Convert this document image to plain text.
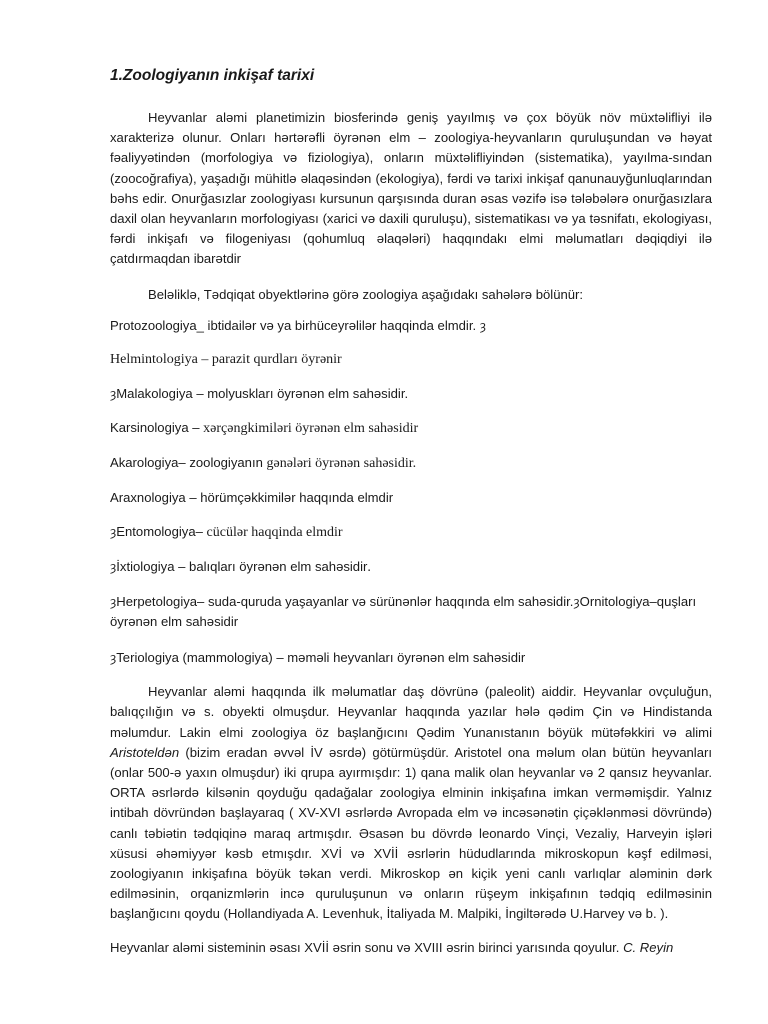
1.Zoologiyanın inkişaf tarixi

Heyvanlar aləmi planetimizin biosferində geniş yayılmış və çox böyük növ müxtəlifliyi ilə xarakterizə olunur. Onları hərtərəfli öyrənən elm – zoologiya-heyvanların quruluşundan və həyat fəaliyyətindən (morfologiya və fiziologiya), onların müxtəlifliyindən (sistematika), yayılma-sından (zoocoğrafiya), yaşadığı mühitlə əlaqəsindən (ekologiya), fərdi və tarixi inkişaf qanunauyğunluqlarından bəhs edir. Onurğasızlar zoologiyası kursunun qarşısında duran əsas vəzifə isə tələbələrə onurğasızlara daxil olan heyvanların morfologiyası (xarici və daxili quruluşu), sistematikası və ya təsnifatı, ekologiyası, fərdi inkişafı və filogeniyası (qohumluq əlaqələri) haqqındakı elmi məlumatları dəqiqdiyi ilə çatdırmaqdan ibarətdir

Beləliklə, Tədqiqat obyektlərinə görə zoologiya aşağıdakı sahələrə bölünür:

Protozoologiya_ ibtidailər və ya birhüceyrəlilər haqqinda elmdir. ȝ

Helmintologiya – parazit qurdları öyrənir

ȝMalakologiya – molyuskları öyrənən elm sahəsidir.

Karsinologiya – xərçəngkimiləri öyrənən elm sahəsidir

Akarologiya– zoologiyanın gənələri öyrənən sahəsidir.

Araxnologiya – hörümçəkkimilər haqqında elmdir

ȝEntomologiya– cücülər haqqinda elmdir

ȝİxtiologiya – balıqları öyrənən elm sahəsidir.

ȝHerpetologiya– suda-quruda yaşayanlar və sürünənlər haqqında elm sahəsidir.ȝOrnitologiya–quşları öyrənən elm sahəsidir

ȝTeriologiya (mammologiya) – məməli heyvanları öyrənən elm sahəsidir

Heyvanlar aləmi haqqında ilk məlumatlar daş dövrünə (paleolit) aiddir. Heyvanlar ovçuluğun, balıqçılığın və s. obyekti olmuşdur. Heyvanlar haqqında yazılar hələ qədim Çin və Hindistanda məlumdur. Lakin elmi zoologiya öz başlanğıcını Qədim Yunanıstanın böyük mütəfəkkiri və alimi Aristoteldən (bizim eradan əvvəl İV əsrdə) götürmüşdür. Aristotel ona məlum olan bütün heyvanları (onlar 500-ə yaxın olmuşdur) iki qrupa ayırmışdır: 1) qana malik olan heyvanlar və 2 qansız heyvanlar. ORTA əsrlərdə kilsənin qoyduğu qadağalar zoologiya elminin inkişafına imkan verməmişdir. Yalnız intibah dövründən başlayaraq ( XV-XVI əsrlərdə Avropada elm və incəsənətin çiçəklənməsi dövründə) canlı təbiətin tədqiqinə maraq artmışdır. Əsasən bu dövrdə leonardo Vinçi, Vezaliy, Harveyin işləri xüsusi əhəmiyyər kəsb etmışdır. XVİ və XVİİ əsrlərin hüdudlarında mikroskopun kəşf edilməsi, zoologiyanın inkişafına böyük təkan verdi. Mikroskop ən kiçik yeni canlı varlıqlar aləminin dərk edilməsinin, orqanizmlərin incə quruluşunun və onların rüşeym inkişafının tədqiq edilməsinin başlanğıcını qoydu (Hollandiyada A. Levenhuk, İtaliyada M. Malpiki, İngiltərədə U.Harvey və b. ).

Heyvanlar aləmi sisteminin əsası XVİİ əsrin sonu və XVIII əsrin birinci yarısında qoyulur. C. Reyin
